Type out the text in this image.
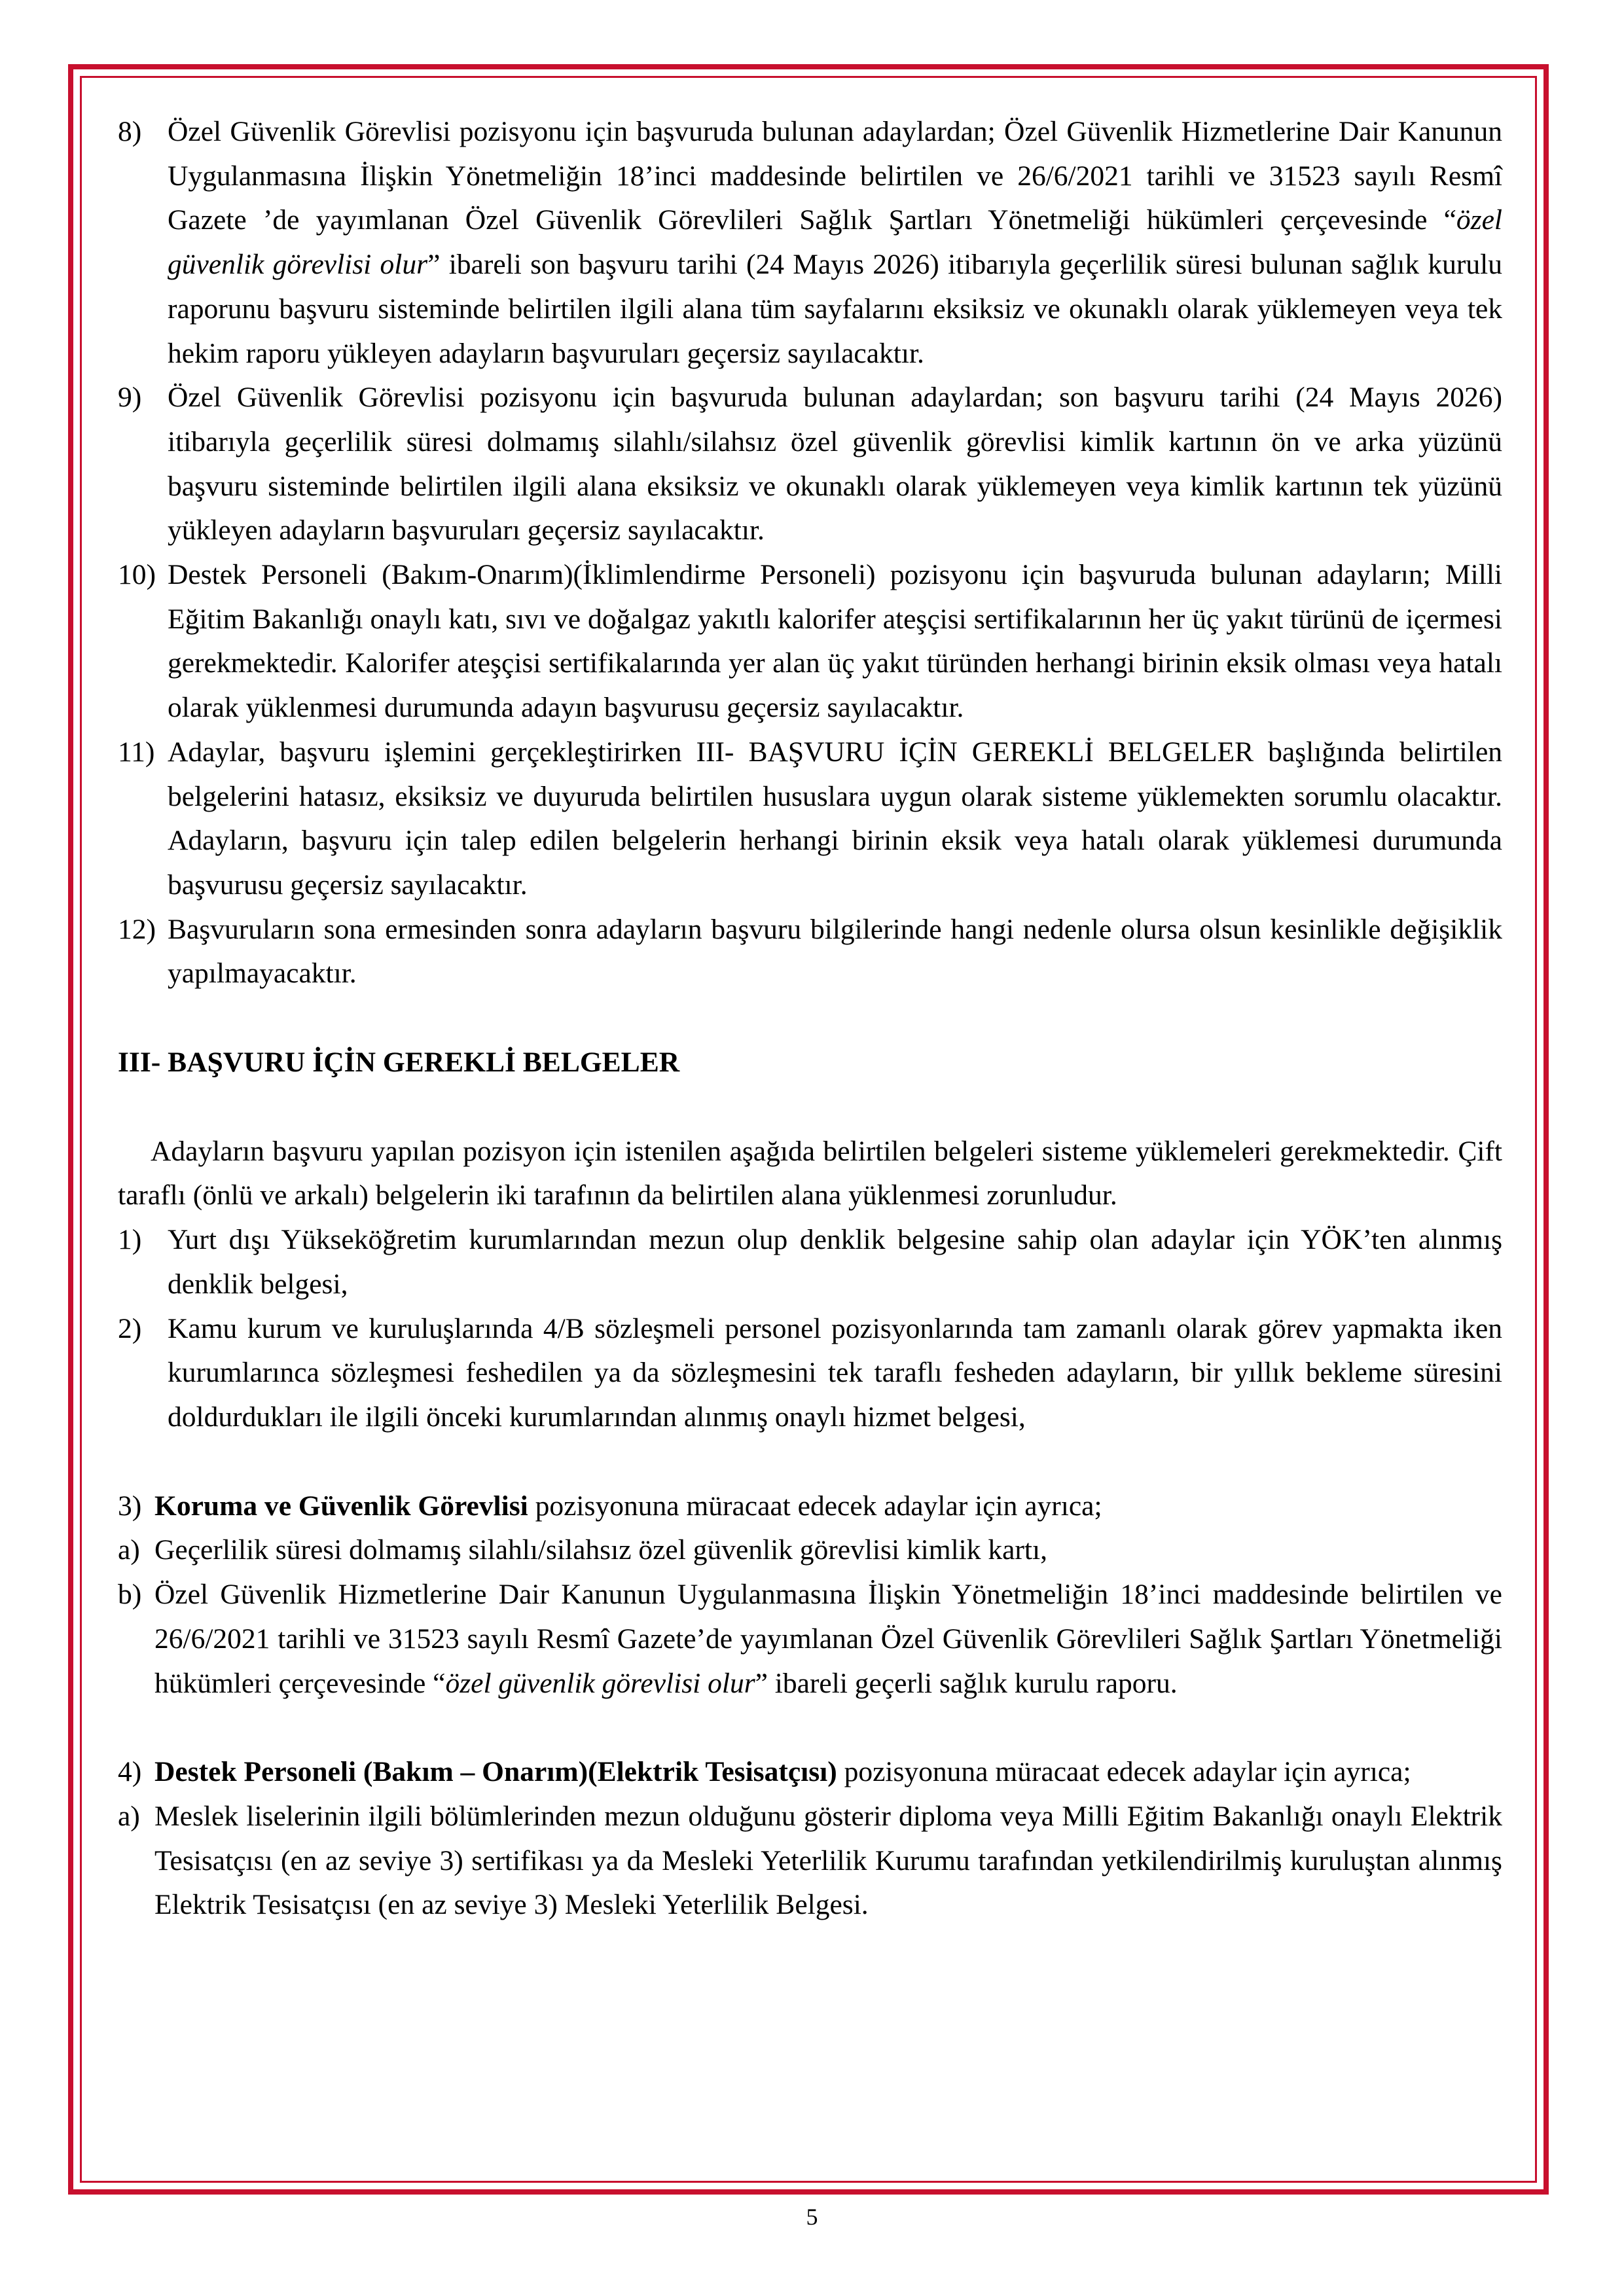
8) Özel Güvenlik Görevlisi pozisyonu için başvuruda bulunan adaylardan; Özel Güvenlik Hizmetlerine Dair Kanunun Uygulanmasına İlişkin Yönetmeliğin 18’inci maddesinde belirtilen ve 26/6/2021 tarihli ve 31523 sayılı Resmî Gazete ’de yayımlanan Özel Güvenlik Görevlileri Sağlık Şartları Yönetmeliği hükümleri çerçevesinde “özel güvenlik görevlisi olur” ibareli son başvuru tarihi (24 Mayıs 2026) itibarıyla geçerlilik süresi bulunan sağlık kurulu raporunu başvuru sisteminde belirtilen ilgili alana tüm sayfalarını eksiksiz ve okunaklı olarak yüklemeyen veya tek hekim raporu yükleyen adayların başvuruları geçersiz sayılacaktır.
9) Özel Güvenlik Görevlisi pozisyonu için başvuruda bulunan adaylardan; son başvuru tarihi (24 Mayıs 2026) itibarıyla geçerlilik süresi dolmamış silahlı/silahsız özel güvenlik görevlisi kimlik kartının ön ve arka yüzünü başvuru sisteminde belirtilen ilgili alana eksiksiz ve okunaklı olarak yüklemeyen veya kimlik kartının tek yüzünü yükleyen adayların başvuruları geçersiz sayılacaktır.
10) Destek Personeli (Bakım-Onarım)(İklimlendirme Personeli) pozisyonu için başvuruda bulunan adayların; Milli Eğitim Bakanlığı onaylı katı, sıvı ve doğalgaz yakıtlı kalorifer ateşçisi sertifikalarının her üç yakıt türünü de içermesi gerekmektedir. Kalorifer ateşçisi sertifikalarında yer alan üç yakıt türünden herhangi birinin eksik olması veya hatalı olarak yüklenmesi durumunda adayın başvurusu geçersiz sayılacaktır.
11) Adaylar, başvuru işlemini gerçekleştirirken III- BAŞVURU İÇİN GEREKLİ BELGELER başlığında belirtilen belgelerini hatasız, eksiksiz ve duyuruda belirtilen hususlara uygun olarak sisteme yüklemekten sorumlu olacaktır. Adayların, başvuru için talep edilen belgelerin herhangi birinin eksik veya hatalı olarak yüklemesi durumunda başvurusu geçersiz sayılacaktır.
12) Başvuruların sona ermesinden sonra adayların başvuru bilgilerinde hangi nedenle olursa olsun kesinlikle değişiklik yapılmayacaktır.
III- BAŞVURU İÇİN GEREKLİ BELGELER
Adayların başvuru yapılan pozisyon için istenilen aşağıda belirtilen belgeleri sisteme yüklemeleri gerekmektedir. Çift taraflı (önlü ve arkalı) belgelerin iki tarafının da belirtilen alana yüklenmesi zorunludur.
1) Yurt dışı Yükseköğretim kurumlarından mezun olup denklik belgesine sahip olan adaylar için YÖK’ten alınmış denklik belgesi,
2) Kamu kurum ve kuruluşlarında 4/B sözleşmeli personel pozisyonlarında tam zamanlı olarak görev yapmakta iken kurumlarınca sözleşmesi feshedilen ya da sözleşmesini tek taraflı fesheden adayların, bir yıllık bekleme süresini doldurdukları ile ilgili önceki kurumlarından alınmış onaylı hizmet belgesi,
3) Koruma ve Güvenlik Görevlisi pozisyonuna müracaat edecek adaylar için ayrıca;
a) Geçerlilik süresi dolmamış silahlı/silahsız özel güvenlik görevlisi kimlik kartı,
b) Özel Güvenlik Hizmetlerine Dair Kanunun Uygulanmasına İlişkin Yönetmeliğin 18’inci maddesinde belirtilen ve 26/6/2021 tarihli ve 31523 sayılı Resmî Gazete’de yayımlanan Özel Güvenlik Görevlileri Sağlık Şartları Yönetmeliği hükümleri çerçevesinde “özel güvenlik görevlisi olur” ibareli geçerli sağlık kurulu raporu.
4) Destek Personeli (Bakım – Onarım)(Elektrik Tesisatçısı) pozisyonuna müracaat edecek adaylar için ayrıca;
a) Meslek liselerinin ilgili bölümlerinden mezun olduğunu gösterir diploma veya Milli Eğitim Bakanlığı onaylı Elektrik Tesisatçısı (en az seviye 3) sertifikası ya da Mesleki Yeterlilik Kurumu tarafından yetkilendirilmiş kuruluştan alınmış Elektrik Tesisatçısı (en az seviye 3) Mesleki Yeterlilik Belgesi.
5
